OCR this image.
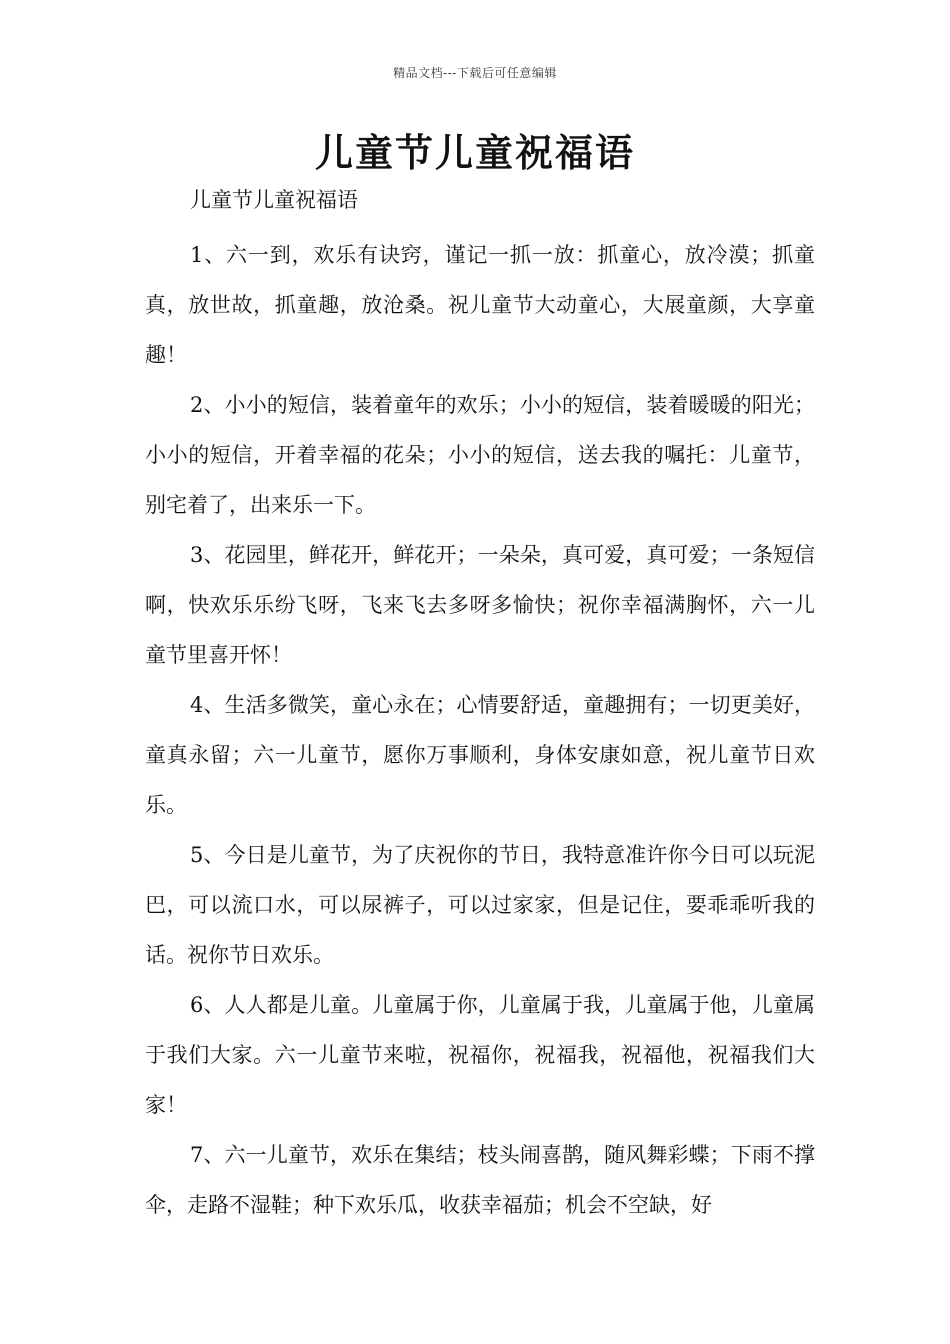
精品文档---下载后可任意编辑
儿童节儿童祝福语
儿童节儿童祝福语

1、六一到，欢乐有诀窍，谨记一抓一放：抓童心，放冷漠；抓童真，放世故，抓童趣，放沧桑。祝儿童节大动童心，大展童颜，大享童趣！

2、小小的短信，装着童年的欢乐；小小的短信，装着暖暖的阳光；小小的短信，开着幸福的花朵；小小的短信，送去我的嘱托：儿童节，别宅着了，出来乐一下。

3、花园里，鲜花开，鲜花开；一朵朵，真可爱，真可爱；一条短信啊，快欢乐乐纷飞呀，飞来飞去多呀多愉快；祝你幸福满胸怀，六一儿童节里喜开怀！

4、生活多微笑，童心永在；心情要舒适，童趣拥有；一切更美好，童真永留；六一儿童节，愿你万事顺利，身体安康如意，祝儿童节日欢乐。

5、今日是儿童节，为了庆祝你的节日，我特意准许你今日可以玩泥巴，可以流口水，可以尿裤子，可以过家家，但是记住，要乖乖听我的话。祝你节日欢乐。

6、人人都是儿童。儿童属于你，儿童属于我，儿童属于他，儿童属于我们大家。六一儿童节来啦，祝福你，祝福我，祝福他，祝福我们大家！

7、六一儿童节，欢乐在集结；枝头闹喜鹊，随风舞彩蝶；下雨不撑伞，走路不湿鞋；种下欢乐瓜，收获幸福茄；机会不空缺，好
